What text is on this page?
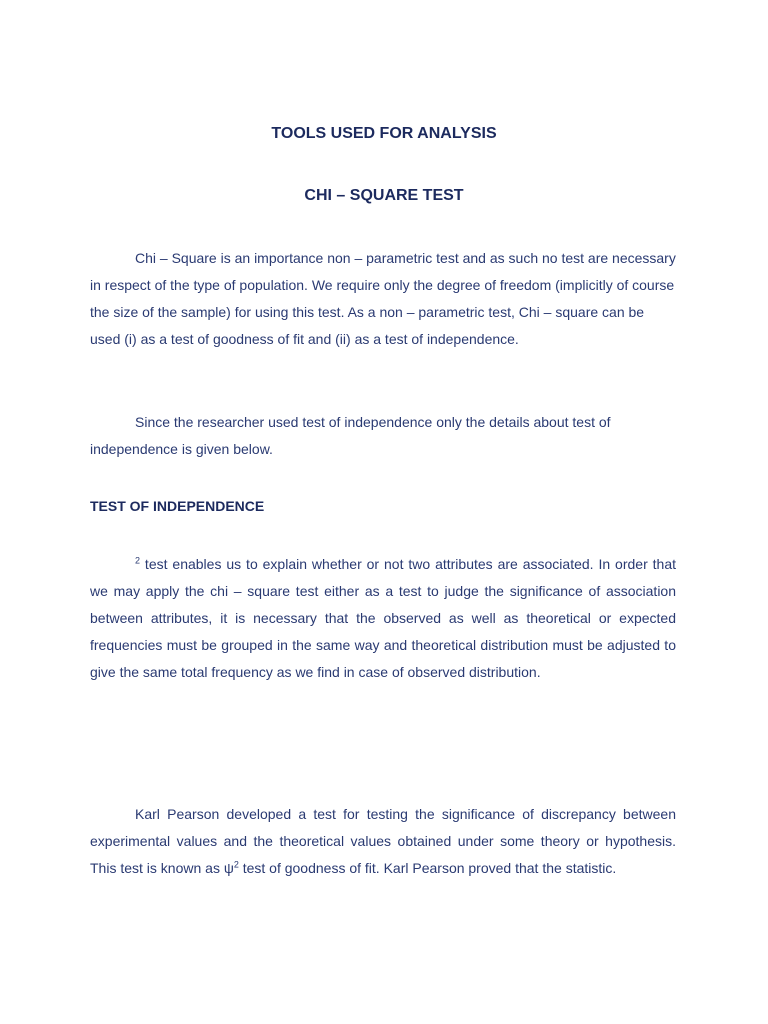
TOOLS USED FOR ANALYSIS
CHI – SQUARE TEST

Chi – Square is an importance non – parametric test and as such no test are necessary in respect of the type of population. We require only the degree of freedom (implicitly of course the size of the sample) for using this test. As a non – parametric test, Chi – square can be used (i) as a test of goodness of fit and (ii) as a test of independence.

Since the researcher used test of independence only the details about test of independence is given below.

TEST OF INDEPENDENCE

$^2$ test enables us to explain whether or not two attributes are associated. In order that we may apply the chi – square test either as a test to judge the significance of association between attributes, it is necessary that the observed as well as theoretical or expected frequencies must be grouped in the same way and theoretical distribution must be adjusted to give the same total frequency as we find in case of observed distribution.

Karl Pearson developed a test for testing the significance of discrepancy between experimental values and the theoretical values obtained under some theory or hypothesis. This test is known as $\psi^2$ test of goodness of fit. Karl Pearson proved that the statistic.
